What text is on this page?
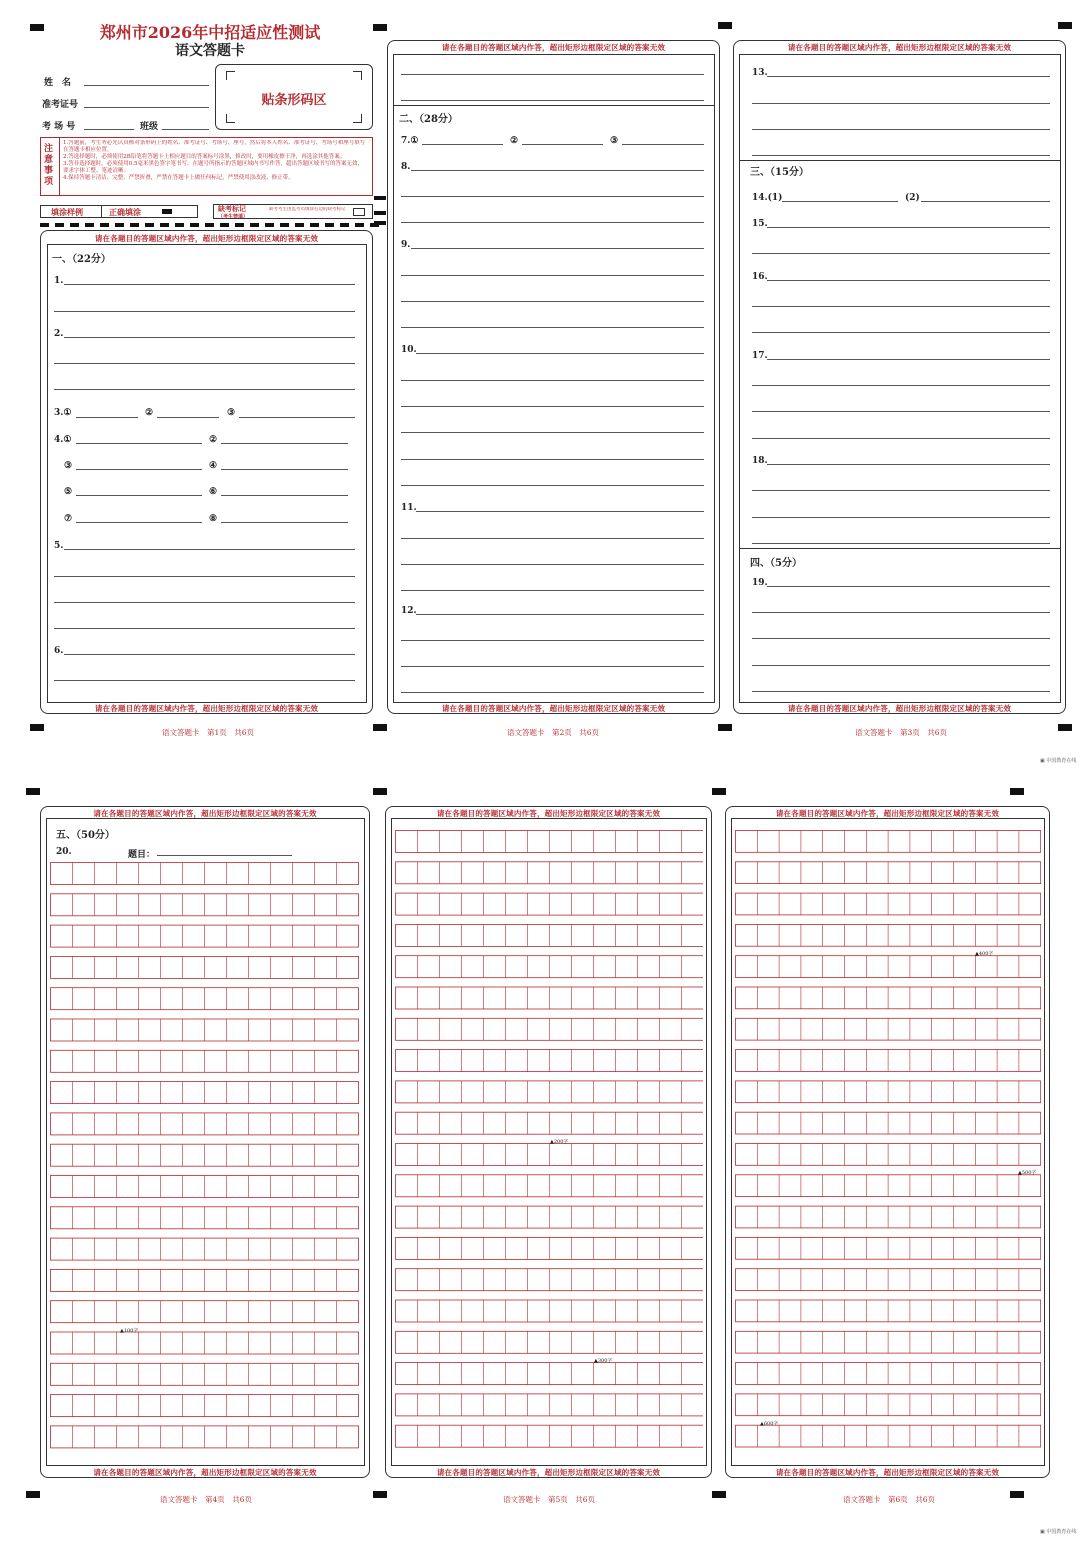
郑州市2026年中招适应性测试
语文答题卡
姓　名
准考证号
考 场 号	班级
贴条形码区
注意事项
1.答题前，考生务必先认真核对条形码上的姓名、准考证号、考场号、座号，然后将本人姓名、准考证号、考场号和座号填写在答题卡相应位置。
2.答选择题时，必须使用2B铅笔将答题卡上相应题目的答案标号涂黑，修改时，要用橡皮擦干净，再选涂其他答案。
3.答非选择题时，必须使用0.5毫米黑色签字笔书写，在题号所指示的答题区域内书写作答，超出答题区域书写的答案无效，要求字体工整、笔迹清晰。
4.保持答题卡清洁、完整，严禁折叠，严禁在答题卡上做任何标记，严禁使用涂改液、修正带。
填涂样例	正确填涂	缺考标记
（考生禁填）
缺考考生由监考员填涂右边的缺考标记
请在各题目的答题区域内作答，超出矩形边框限定区域的答案无效
请在各题目的答题区域内作答，超出矩形边框限定区域的答案无效
语文答题卡　第1页　共6页
一、（22分）
1.
2.
3.①	②	③
4.①	②
③	④
⑤	⑥
⑦	⑧
5.
6.
请在各题目的答题区域内作答，超出矩形边框限定区域的答案无效
请在各题目的答题区域内作答，超出矩形边框限定区域的答案无效
语文答题卡　第2页　共6页
二、（28分）
7.①	②	③
8.
9.
10.
11.
12.
请在各题目的答题区域内作答，超出矩形边框限定区域的答案无效
请在各题目的答题区域内作答，超出矩形边框限定区域的答案无效
语文答题卡　第3页　共6页
13.
三、（15分）
14.(1)	(2)
15.
16.
17.
18.
四、（5分）
19.
▣ 中国教育在线
请在各题目的答题区域内作答，超出矩形边框限定区域的答案无效
请在各题目的答题区域内作答，超出矩形边框限定区域的答案无效
语文答题卡　第4页　共6页
五、（50分）
20.	题目：
▲100字
请在各题目的答题区域内作答，超出矩形边框限定区域的答案无效
请在各题目的答题区域内作答，超出矩形边框限定区域的答案无效
语文答题卡　第5页　共6页
▲200字
▲300字
请在各题目的答题区域内作答，超出矩形边框限定区域的答案无效
请在各题目的答题区域内作答，超出矩形边框限定区域的答案无效
语文答题卡　第6页　共6页
▲400字
▲500字
▲600字
▣ 中国教育在线
